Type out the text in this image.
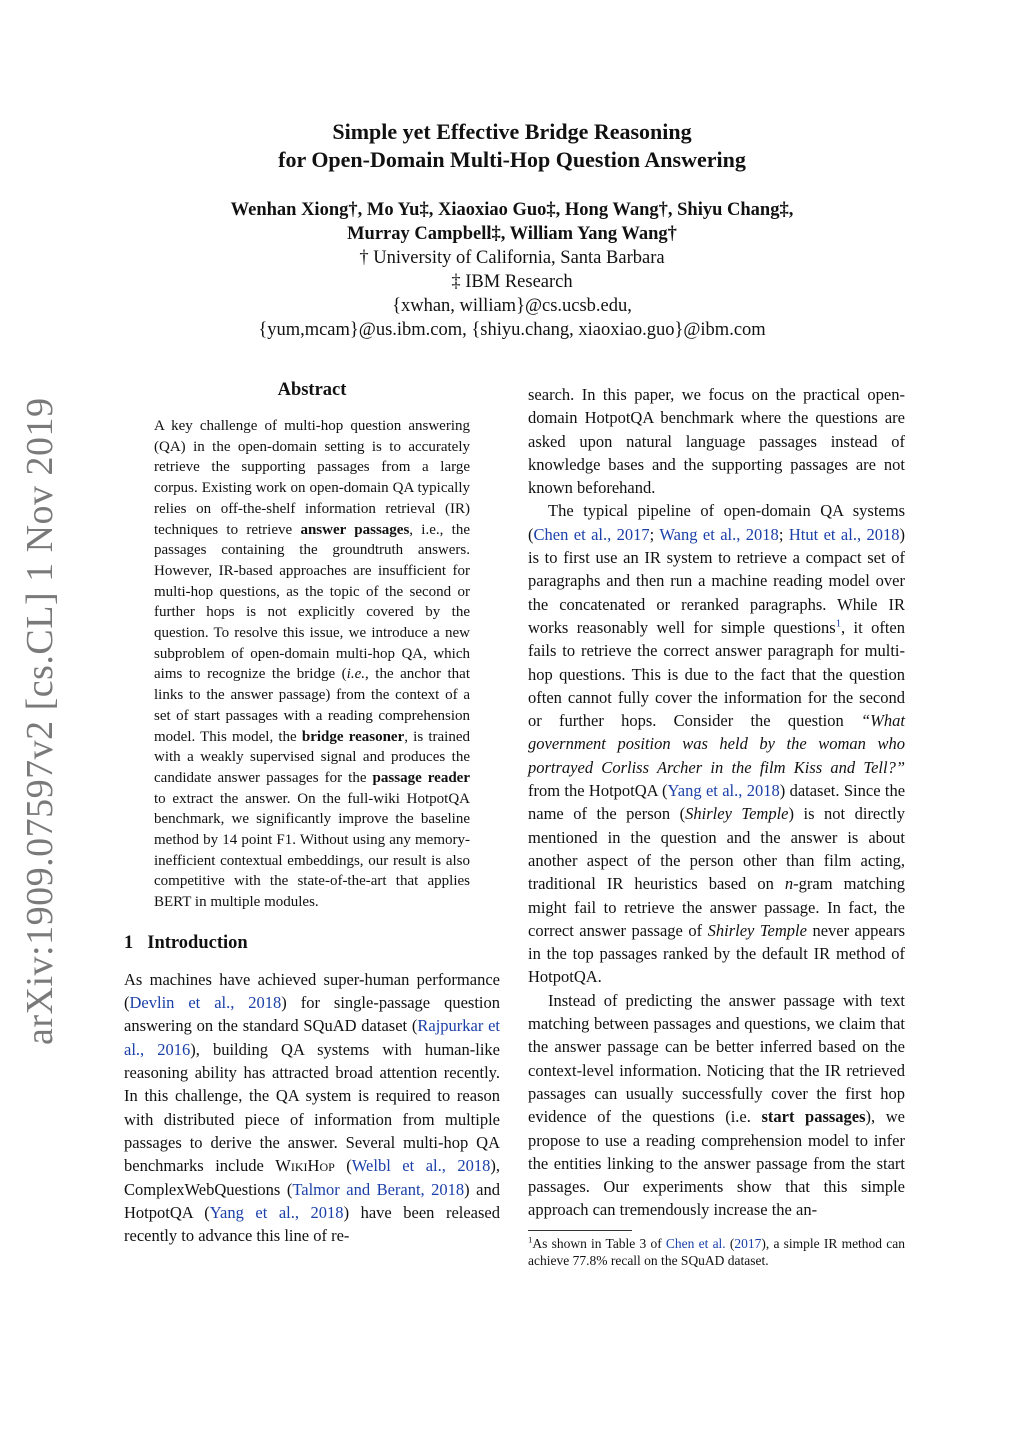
arXiv:1909.07597v2 [cs.CL] 1 Nov 2019
Simple yet Effective Bridge Reasoning
for Open-Domain Multi-Hop Question Answering
Wenhan Xiong†, Mo Yu‡, Xiaoxiao Guo‡, Hong Wang†, Shiyu Chang‡,
Murray Campbell‡, William Yang Wang†
† University of California, Santa Barbara
‡ IBM Research
{xwhan, william}@cs.ucsb.edu,
{yum,mcam}@us.ibm.com, {shiyu.chang, xiaoxiao.guo}@ibm.com
Abstract
A key challenge of multi-hop question answering (QA) in the open-domain setting is to accurately retrieve the supporting passages from a large corpus. Existing work on open-domain QA typically relies on off-the-shelf information retrieval (IR) techniques to retrieve answer passages, i.e., the passages containing the groundtruth answers. However, IR-based approaches are insufficient for multi-hop questions, as the topic of the second or further hops is not explicitly covered by the question. To resolve this issue, we introduce a new subproblem of open-domain multi-hop QA, which aims to recognize the bridge (i.e., the anchor that links to the answer passage) from the context of a set of start passages with a reading comprehension model. This model, the bridge reasoner, is trained with a weakly supervised signal and produces the candidate answer passages for the passage reader to extract the answer. On the full-wiki HotpotQA benchmark, we significantly improve the baseline method by 14 point F1. Without using any memory-inefficient contextual embeddings, our result is also competitive with the state-of-the-art that applies BERT in multiple modules.
1 Introduction

As machines have achieved super-human performance (Devlin et al., 2018) for single-passage question answering on the standard SQuAD dataset (Rajpurkar et al., 2016), building QA systems with human-like reasoning ability has attracted broad attention recently. In this challenge, the QA system is required to reason with distributed piece of information from multiple passages to derive the answer. Several multi-hop QA benchmarks include WikiHop (Welbl et al., 2018), ComplexWebQuestions (Talmor and Berant, 2018) and HotpotQA (Yang et al., 2018) have been released recently to advance this line of re-

search. In this paper, we focus on the practical open-domain HotpotQA benchmark where the questions are asked upon natural language passages instead of knowledge bases and the supporting passages are not known beforehand.

The typical pipeline of open-domain QA systems (Chen et al., 2017; Wang et al., 2018; Htut et al., 2018) is to first use an IR system to retrieve a compact set of paragraphs and then run a machine reading model over the concatenated or reranked paragraphs. While IR works reasonably well for simple questions$^1$, it often fails to retrieve the correct answer paragraph for multi-hop questions. This is due to the fact that the question often cannot fully cover the information for the second or further hops. Consider the question “What government position was held by the woman who portrayed Corliss Archer in the film Kiss and Tell?” from the HotpotQA (Yang et al., 2018) dataset. Since the name of the person (Shirley Temple) is not directly mentioned in the question and the answer is about another aspect of the person other than film acting, traditional IR heuristics based on n-gram matching might fail to retrieve the answer passage. In fact, the correct answer passage of Shirley Temple never appears in the top passages ranked by the default IR method of HotpotQA.

Instead of predicting the answer passage with text matching between passages and questions, we claim that the answer passage can be better inferred based on the context-level information. Noticing that the IR retrieved passages can usually successfully cover the first hop evidence of the questions (i.e. start passages), we propose to use a reading comprehension model to infer the entities linking to the answer passage from the start passages. Our experiments show that this simple approach can tremendously increase the an-

$^1$As shown in Table 3 of Chen et al. (2017), a simple IR method can achieve 77.8% recall on the SQuAD dataset.
